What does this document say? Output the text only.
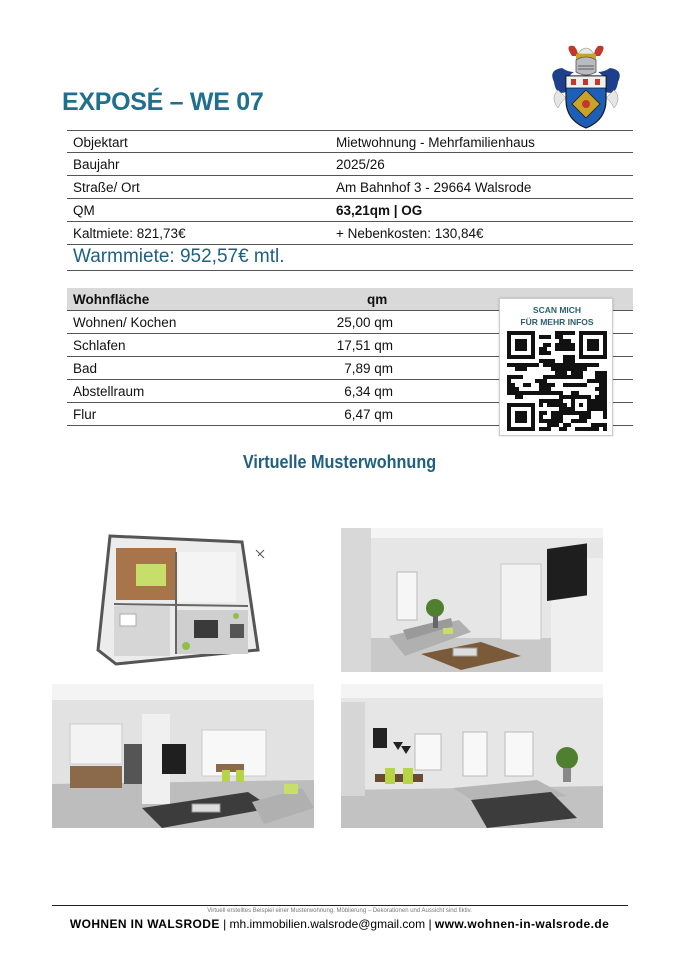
EXPOSÉ – WE 07
Objektart	Mietwohnung - Mehrfamilienhaus
Baujahr	2025/26
Straße/ Ort	Am Bahnhof 3 - 29664 Walsrode
QM	63,21qm | OG
Kaltmiete: 821,73€	+ Nebenkosten: 130,84€
Warmmiete: 952,57€ mtl.
Wohnfläche	qm
Wohnen/ Kochen	25,00 qm
Schlafen	17,51 qm
Bad	7,89 qm
Abstellraum	6,34 qm
Flur	6,47 qm
SCAN MICH
FÜR MEHR INFOS
Virtuelle Musterwohnung
Virtuell erstelltes Beispiel einer Musterwohnung. Möblierung – Dekorationen und Aussicht sind fiktiv.
WOHNEN IN WALSRODE | mh.immobilien.walsrode@gmail.com | www.wohnen-in-walsrode.de
